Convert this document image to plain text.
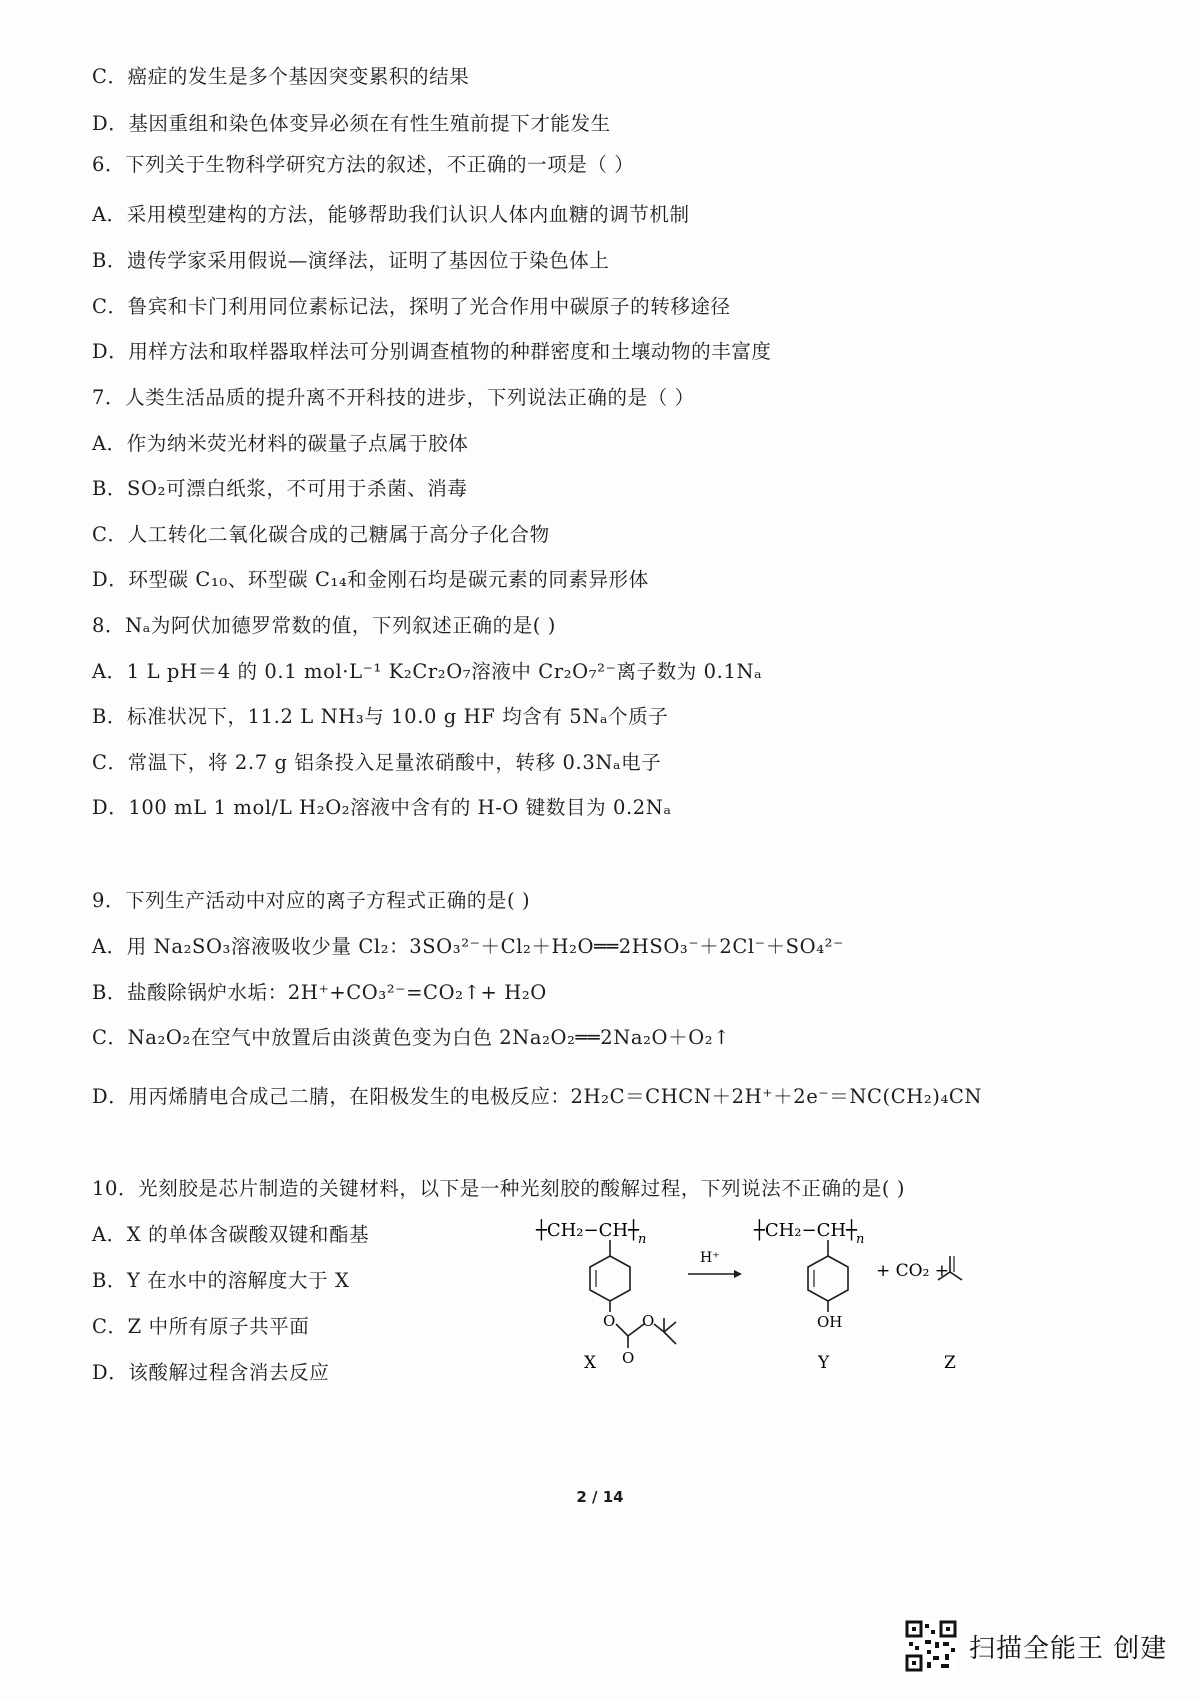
C．癌症的发生是多个基因突变累积的结果
D．基因重组和染色体变异必须在有性生殖前提下才能发生
6．下列关于生物科学研究方法的叙述，不正确的一项是（ ）
A．采用模型建构的方法，能够帮助我们认识人体内血糖的调节机制
B．遗传学家采用假说—演绎法，证明了基因位于染色体上
C．鲁宾和卡门利用同位素标记法，探明了光合作用中碳原子的转移途径
D．用样方法和取样器取样法可分别调查植物的种群密度和土壤动物的丰富度
7．人类生活品质的提升离不开科技的进步，下列说法正确的是（ ）
A．作为纳米荧光材料的碳量子点属于胶体
B．SO₂可漂白纸浆，不可用于杀菌、消毒
C．人工转化二氧化碳合成的己糖属于高分子化合物
D．环型碳 C₁₀、环型碳 C₁₄和金刚石均是碳元素的同素异形体
8．Nₐ为阿伏加德罗常数的值，下列叙述正确的是( )
A．1 L pH＝4 的 0.1 mol·L⁻¹ K₂Cr₂O₇溶液中 Cr₂O₇²⁻离子数为 0.1Nₐ
B．标准状况下，11.2 L NH₃与 10.0 g HF 均含有 5Nₐ个质子
C．常温下，将 2.7 g 铝条投入足量浓硝酸中，转移 0.3Nₐ电子
D．100 mL 1 mol/L H₂O₂溶液中含有的 H-O 键数目为 0.2Nₐ
9．下列生产活动中对应的离子方程式正确的是( )
A．用 Na₂SO₃溶液吸收少量 Cl₂：3SO₃²⁻＋Cl₂＋H₂O══2HSO₃⁻＋2Cl⁻＋SO₄²⁻
B．盐酸除锅炉水垢：2H⁺+CO₃²⁻=CO₂↑+ H₂O
C．Na₂O₂在空气中放置后由淡黄色变为白色 2Na₂O₂══2Na₂O＋O₂↑
D．用丙烯腈电合成己二腈，在阳极发生的电极反应：2H₂C＝CHCN＋2H⁺＋2e⁻＝NC(CH₂)₄CN
10．光刻胶是芯片制造的关键材料，以下是一种光刻胶的酸解过程，下列说法不正确的是( )
A．X 的单体含碳酸双键和酯基
B．Y 在水中的溶解度大于 X
C．Z 中所有原子共平面
D．该酸解过程含消去反应
┼CH₂−CH┼ n
O
O
O
X
H⁺
┼CH₂−CH┼ n
OH
Y
+ CO₂ +
Z
2 / 14
扫描全能王 创建
